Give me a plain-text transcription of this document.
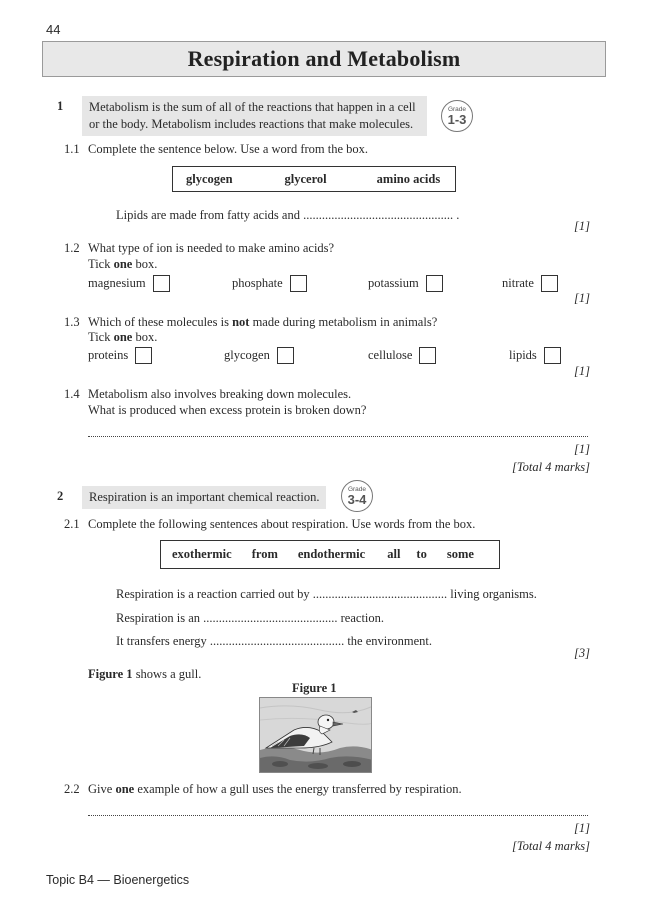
44
Respiration and Metabolism
1 Metabolism is the sum of all of the reactions that happen in a cell
or the body. Metabolism includes reactions that make molecules.
Grade
1-3
1.1 Complete the sentence below. Use a word from the box.
glycogen	glycerol	amino acids
Lipids are made from fatty acids and ................................................ .
[1]
1.2 What type of ion is needed to make amino acids?
Tick one box.
magnesium	phosphate	potassium	nitrate
[1]
1.3 Which of these molecules is not made during metabolism in animals?
Tick one box.
proteins	glycogen	cellulose	lipids
[1]
1.4 Metabolism also involves breaking down molecules.
What is produced when excess protein is broken down?
[1]
[Total 4 marks]
2	Respiration is an important chemical reaction.
Grade
3-4
2.1 Complete the following sentences about respiration. Use words from the box.
exothermic from endothermic all to some
Respiration is a reaction carried out by ........................................... living organisms.
Respiration is an ........................................... reaction.
It transfers energy ........................................... the environment.
[3]
Figure 1 shows a gull.
Figure 1
2.2 Give one example of how a gull uses the energy transferred by respiration.
[1]
[Total 4 marks]
Topic B4 — Bioenergetics
